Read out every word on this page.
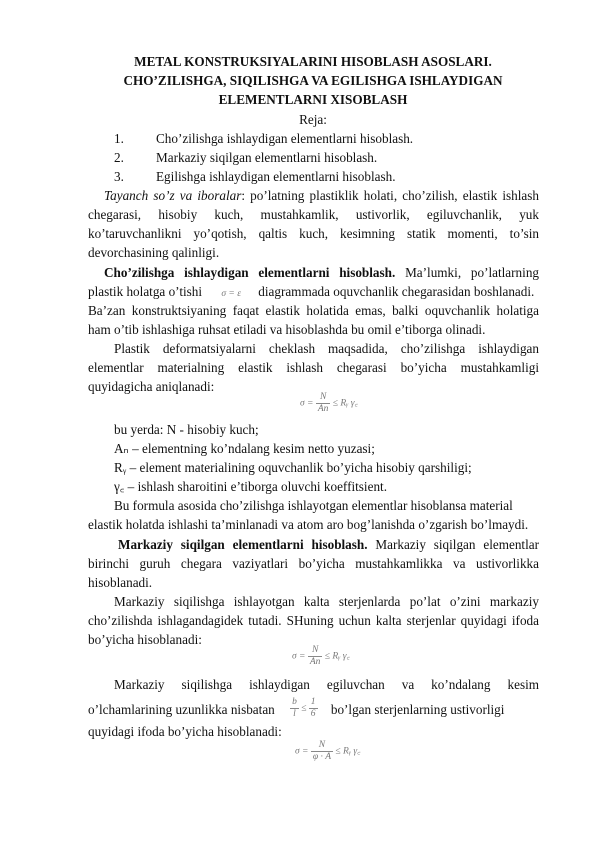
METAL KONSTRUKSIYALARINI HISOBLASH ASOSLARI.
CHO’ZILISHGA, SIQILISHGA VA EGILISHGA ISHLAYDIGAN
ELEMENTLARNI XISOBLASH
Reja:
1. Cho’zilishga ishlaydigan elementlarni hisoblash.
2. Markaziy siqilgan elementlarni hisoblash.
3. Egilishga ishlaydigan elementlarni hisoblash.
Tayanch so’z va iboralar: po’latning plastiklik holati, cho’zilish, elastik ishlash
chegarasi, hisobiy kuch, mustahkamlik, ustivorlik, egiluvchanlik, yuk
ko’taruvchanlikni yo’qotish, qaltis kuch, kesimning statik momenti, to’sin
devorchasining qalinligi.
Cho’zilishga ishlaydigan elementlarni hisoblash. Ma’lumki, po’latlarning
plastik holatga o’tishi σ = ε diagrammada oquvchanlik chegarasidan boshlanadi.
Ba’zan konstruktsiyaning faqat elastik holatida emas, balki oquvchanlik holatiga
ham o’tib ishlashiga ruhsat etiladi va hisoblashda bu omil e’tiborga olinadi.
Plastik deformatsiyalarni cheklash maqsadida, cho’zilishga ishlaydigan
elementlar materialning elastik ishlash chegarasi bo’yicha mustahkamligi
quyidagicha aniqlanadi:
$\sigma = \frac{N}{An}$ ≤ Rᵧ γ꜀
bu yerda: N - hisobiy kuch;
Aₙ – elementning ko’ndalang kesim netto yuzasi;
Rᵧ – element materialining oquvchanlik bo’yicha hisobiy qarshiligi;
γ꜀ – ishlash sharoitini e’tiborga oluvchi koeffitsient.
Bu formula asosida cho’zilishga ishlayotgan elementlar hisoblansa material
elastik holatda ishlashi ta’minlanadi va atom aro bog’lanishda o’zgarish bo’lmaydi.
Markaziy siqilgan elementlarni hisoblash. Markaziy siqilgan elementlar
birinchi guruh chegara vaziyatlari bo’yicha mustahkamlikka va ustivorlikka
hisoblanadi.
Markaziy siqilishga ishlayotgan kalta sterjenlarda po’lat o’zini markaziy
cho’zilishda ishlagandagidek tutadi. SHuning uchun kalta sterjenlar quyidagi ifoda
bo’yicha hisoblanadi:
$\sigma = \frac{N}{An}$ ≤ Rᵧ γ꜀
Markaziy siqilishga ishlaydigan egiluvchan va ko’ndalang kesim
o’lchamlarining uzunlikka nisbatan $\frac{b}{l} \le \frac{1}{6}$ bo’lgan sterjenlarning ustivorligi
quyidagi ifoda bo’yicha hisoblanadi:
$\sigma = \frac{N}{\varphi \cdot A}$ ≤ Rᵧ γ꜀
